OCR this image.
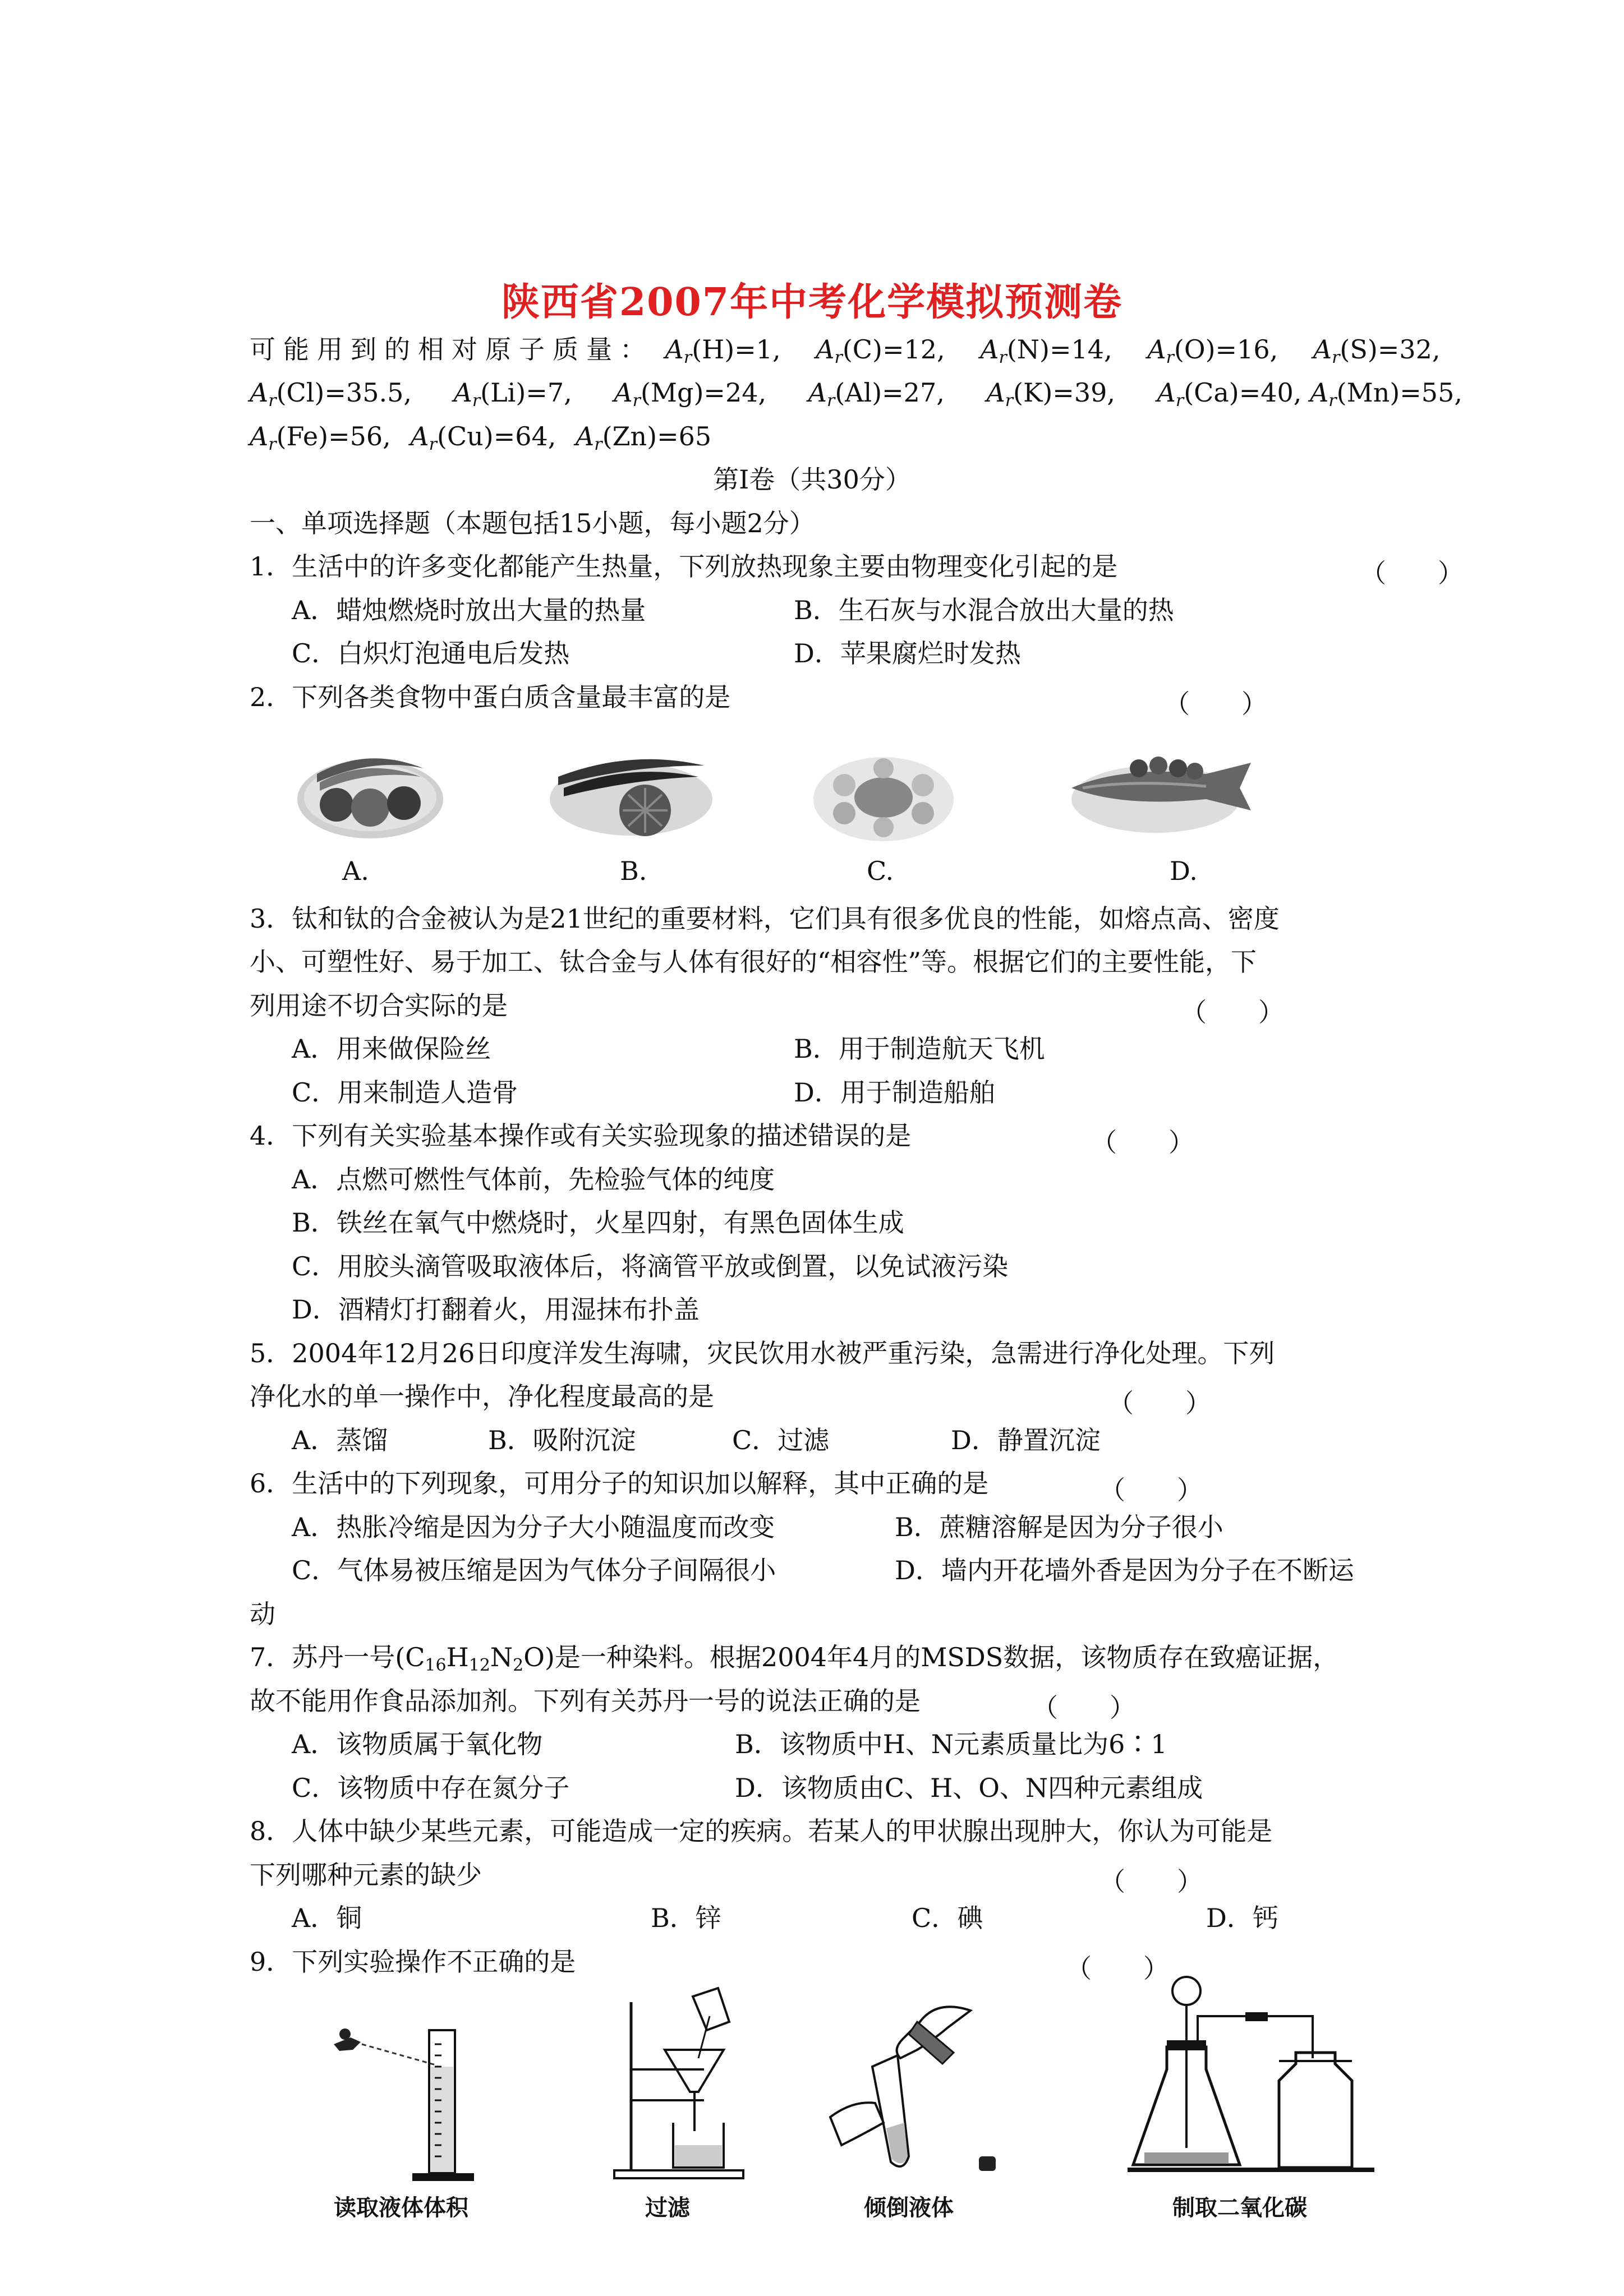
陕西省2007年中考化学模拟预测卷
可能用到的相对原子质量： $A_r(H)=1$, $A_r(C)=12$, $A_r(N)=14$, $A_r(O)=16$, $A_r(S)=32$,
$A_r(Cl)=35.5$, $A_r(Li)=7$, $A_r(Mg)=24$, $A_r(Al)=27$, $A_r(K)=39$, $A_r(Ca)=40$, $A_r(Mn)=55$,
$A_r(Fe)=56$, $A_r(Cu)=64$, $A_r(Zn)=65$
第Ⅰ卷（共30分）
一、单项选择题（本题包括15小题，每小题2分）
1．生活中的许多变化都能产生热量，下列放热现象主要由物理变化引起的是	（　　）
A．蜡烛燃烧时放出大量的热量	B．生石灰与水混合放出大量的热
C．白炽灯泡通电后发热	D．苹果腐烂时发热
2．下列各类食物中蛋白质含量最丰富的是	（　　）
A.	B.	C.	D.
3．钛和钛的合金被认为是21世纪的重要材料，它们具有很多优良的性能，如熔点高、密度
小、可塑性好、易于加工、钛合金与人体有很好的“相容性”等。根据它们的主要性能，下
列用途不切合实际的是	（　　）
A．用来做保险丝	B．用于制造航天飞机
C．用来制造人造骨	D．用于制造船舶
4．下列有关实验基本操作或有关实验现象的描述错误的是	（　　）
A．点燃可燃性气体前，先检验气体的纯度
B．铁丝在氧气中燃烧时，火星四射，有黑色固体生成
C．用胶头滴管吸取液体后，将滴管平放或倒置，以免试液污染
D．酒精灯打翻着火，用湿抹布扑盖
5．2004年12月26日印度洋发生海啸，灾民饮用水被严重污染，急需进行净化处理。下列
净化水的单一操作中，净化程度最高的是	（　　）
A．蒸馏	B．吸附沉淀	C．过滤	D．静置沉淀
6．生活中的下列现象，可用分子的知识加以解释，其中正确的是	（　　）
A．热胀冷缩是因为分子大小随温度而改变	B．蔗糖溶解是因为分子很小
C．气体易被压缩是因为气体分子间隔很小	D．墙内开花墙外香是因为分子在不断运
动
7．苏丹一号$(C_{16}H_{12}N_2O)$是一种染料。根据2004年4月的MSDS数据，该物质存在致癌证据，
故不能用作食品添加剂。下列有关苏丹一号的说法正确的是	（　　）
A．该物质属于氧化物	B．该物质中H、N元素质量比为6∶1
C．该物质中存在氮分子	D．该物质由C、H、O、N四种元素组成
8．人体中缺少某些元素，可能造成一定的疾病。若某人的甲状腺出现肿大，你认为可能是
下列哪种元素的缺少	（　　）
A．铜	B．锌	C．碘	D．钙
9．下列实验操作不正确的是	（　　）
读取液体体积	过滤	倾倒液体	制取二氧化碳
